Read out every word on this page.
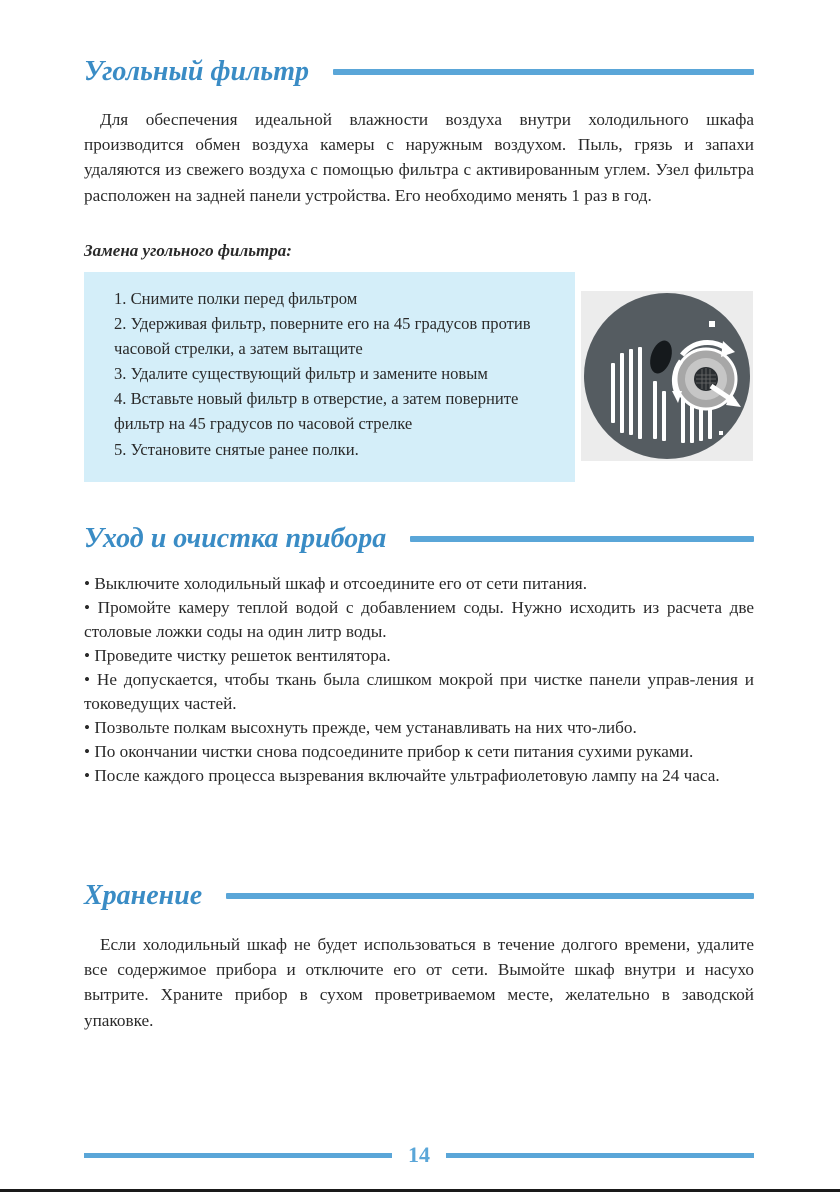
Угольный фильтр

Для обеспечения идеальной влажности воздуха внутри холодильного шкафа производится обмен воздуха камеры с наружным воздухом. Пыль, грязь и запахи удаляются из свежего воздуха с помощью фильтра с активированным углем. Узел фильтра расположен на задней панели устройства. Его необходимо менять 1 раз в год.

Замена угольного фильтра:
1. Снимите полки перед фильтром
2. Удерживая фильтр, поверните его на 45 градусов против часовой стрелки, а затем вытащите
3. Удалите существующий фильтр и замените новым
4. Вставьте новый фильтр в отверстие, а затем поверните фильтр на 45 градусов по часовой стрелке
5. Установите снятые ранее полки.
Уход и очистка прибора
• Выключите холодильный шкаф и отсоедините его от сети питания.
• Промойте камеру теплой водой с добавлением соды. Нужно исходить из расчета две столовые ложки соды на один литр воды.
• Проведите чистку решеток вентилятора.
• Не допускается, чтобы ткань была слишком мокрой при чистке панели управ-ления и токоведущих частей.
• Позвольте полкам высохнуть прежде, чем устанавливать на них что-либо.
• По окончании чистки снова подсоедините прибор к сети питания сухими руками.
• После каждого процесса вызревания включайте ультрафиолетовую лампу на 24 часа.
Хранение

Если холодильный шкаф не будет использоваться в течение долгого времени, удалите все содержимое прибора и отключите его от сети. Вымойте шкаф внутри и насухо вытрите. Храните прибор в сухом проветриваемом месте, желательно в заводской упаковке.

14
